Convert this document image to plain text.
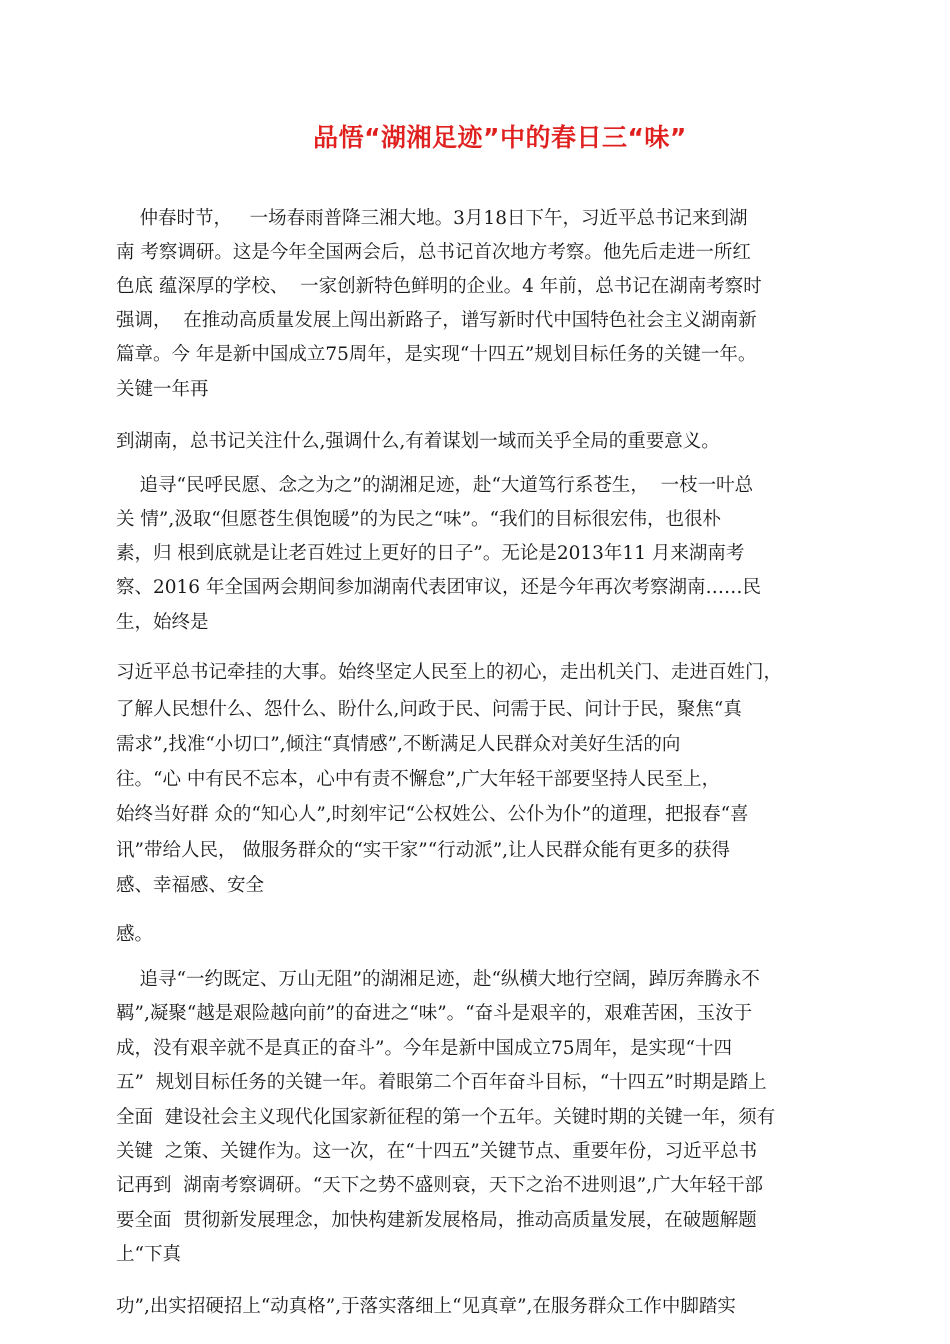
品悟“湖湘足迹”中的春日三“味”
仲春时节，   一场春雨普降三湘大地。3月18日下午，习近平总书记来到湖
南 考察调研。这是今年全国两会后，总书记首次地方考察。他先后走进一所红
色底 蕴深厚的学校、  一家创新特色鲜明的企业。4 年前，总书记在湖南考察时
强调，  在推动高质量发展上闯出新路子，谱写新时代中国特色社会主义湖南新
篇章。今 年是新中国成立75周年，是实现“十四五”规划目标任务的关键一年。
关键一年再
到湖南，总书记关注什么,强调什么,有着谋划一域而关乎全局的重要意义。
追寻“民呼民愿、念之为之”的湖湘足迹，赴“大道笃行系苍生，  一枝一叶总
关 情”,汲取“但愿苍生俱饱暖”的为民之“味”。“我们的目标很宏伟，也很朴
素，归 根到底就是让老百姓过上更好的日子”。无论是2013年11 月来湖南考
察、2016 年全国两会期间参加湖南代表团审议，还是今年再次考察湖南……民
生，始终是
习近平总书记牵挂的大事。始终坚定人民至上的初心，走出机关门、走进百姓门，
了解人民想什么、怨什么、盼什么,问政于民、问需于民、问计于民，聚焦“真
需求”,找准“小切口”,倾注“真情感”,不断满足人民群众对美好生活的向
往。“心 中有民不忘本，心中有责不懈怠”,广大年轻干部要坚持人民至上，
始终当好群 众的“知心人”,时刻牢记“公权姓公、公仆为仆”的道理，把报春“喜
讯”带给人民， 做服务群众的“实干家”“行动派”,让人民群众能有更多的获得
感、幸福感、安全
感。
追寻“一约既定、万山无阻”的湖湘足迹，赴“纵横大地行空阔，踔厉奔腾永不
羁”,凝聚“越是艰险越向前”的奋进之“味”。“奋斗是艰辛的，艰难苦困，玉汝于
成，没有艰辛就不是真正的奋斗”。今年是新中国成立75周年，是实现“十四
五”  规划目标任务的关键一年。着眼第二个百年奋斗目标，“十四五”时期是踏上
全面  建设社会主义现代化国家新征程的第一个五年。关键时期的关键一年，须有
关键  之策、关键作为。这一次，在“十四五”关键节点、重要年份，习近平总书
记再到  湖南考察调研。“天下之势不盛则衰，天下之治不进则退”,广大年轻干部
要全面  贯彻新发展理念，加快构建新发展格局，推动高质量发展，在破题解题
上“下真
功”,出实招硬招上“动真格”,于落实落细上“见真章”,在服务群众工作中脚踏实
